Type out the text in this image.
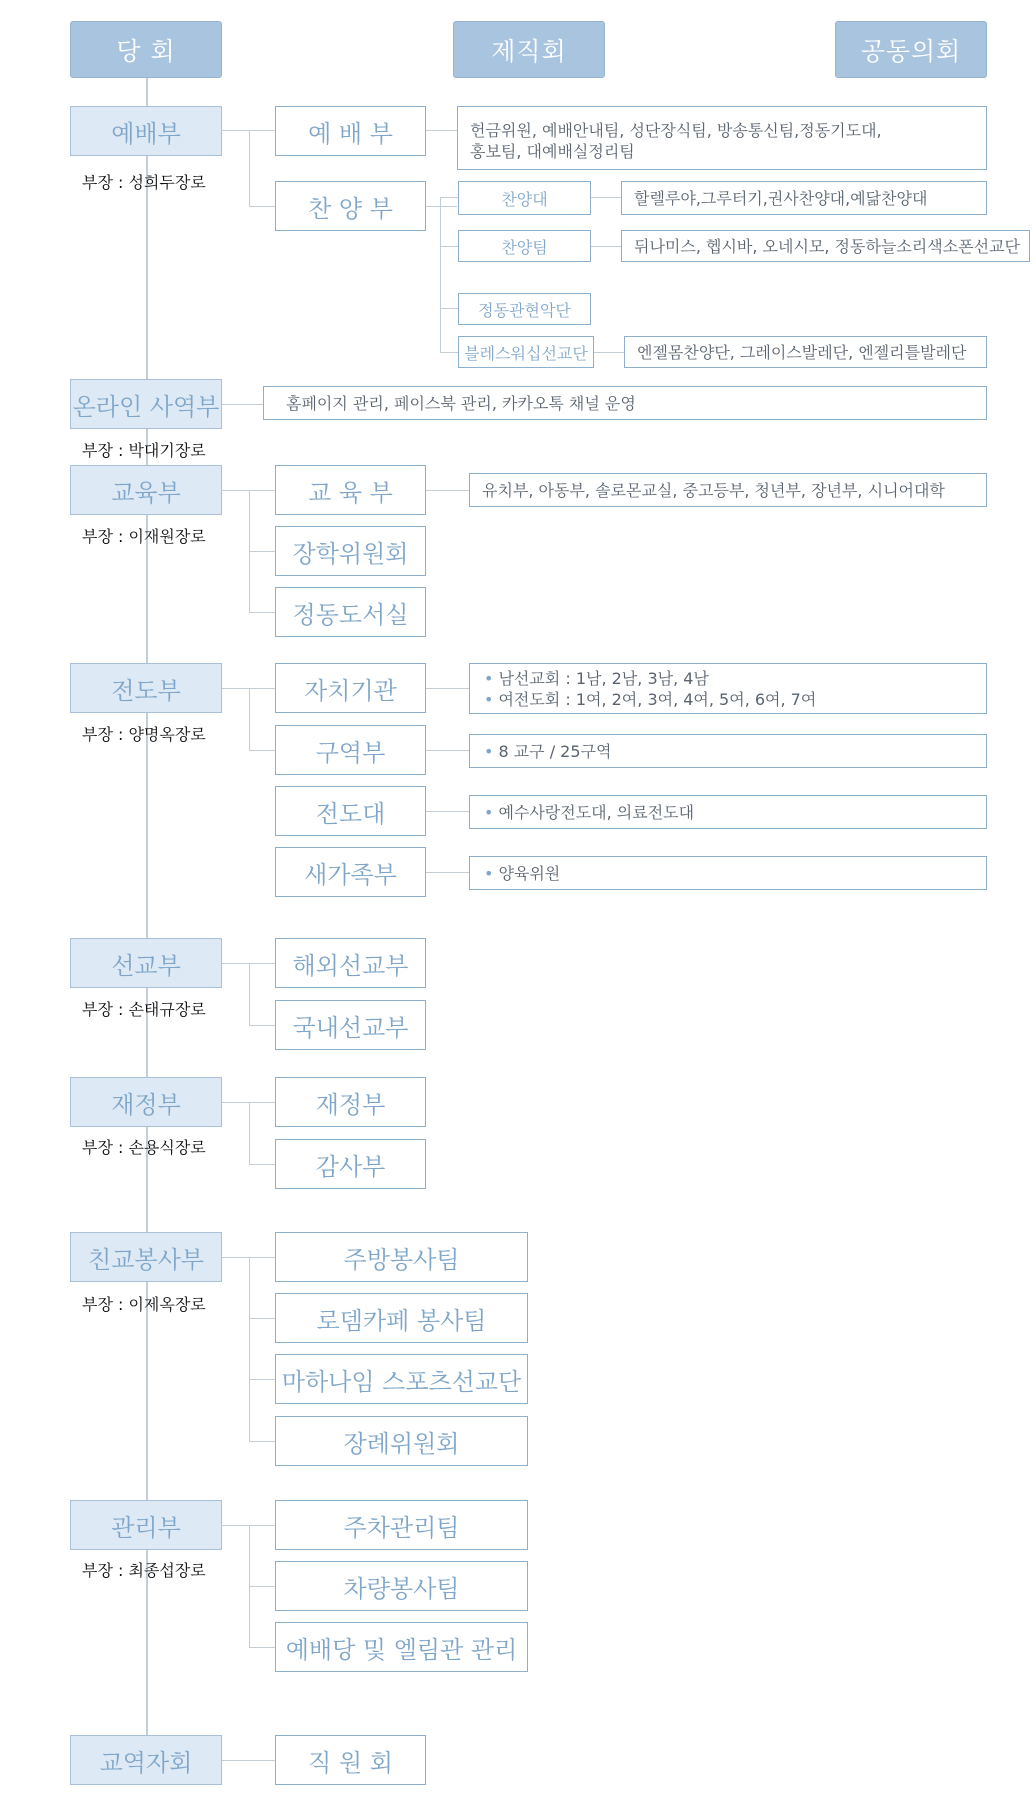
당 회	제직회	공동의회
예배부
부장 : 성희두장로
예 배 부	헌금위원, 예배안내팀, 성단장식팀, 방송통신팀,정동기도대,
홍보팀, 대예배실정리팀
찬 양 부	찬양대	할렐루야,그루터기,권사찬양대,예닮찬양대
찬양팀	뒤나미스, 헵시바, 오네시모, 정동하늘소리색소폰선교단
정동관현악단
블레스워십선교단	엔젤몸찬양단, 그레이스발레단, 엔젤리틀발레단
온라인 사역부
부장 : 박대기장로
홈페이지 관리, 페이스북 관리, 카카오톡 채널 운영
교육부
부장 : 이재원장로
교 육 부	유치부, 아동부, 솔로몬교실, 중고등부, 청년부, 장년부, 시니어대학
장학위원회
정동도서실
전도부
부장 : 양명옥장로
자치기관	• 남선교회 : 1남, 2남, 3남, 4남
• 여전도회 : 1여, 2여, 3여, 4여, 5여, 6여, 7여
구역부	• 8 교구 / 25구역
전도대	• 예수사랑전도대, 의료전도대
새가족부	• 양육위원
선교부
부장 : 손태규장로
해외선교부
국내선교부
재정부
부장 : 손용식장로
재정부
감사부
친교봉사부
부장 : 이제옥장로
주방봉사팀
로뎀카페 봉사팀
마하나임 스포츠선교단
장례위원회
관리부
부장 : 최종섭장로
주차관리팀
차량봉사팀
예배당 및 엘림관 관리
교역자회	직 원 회
